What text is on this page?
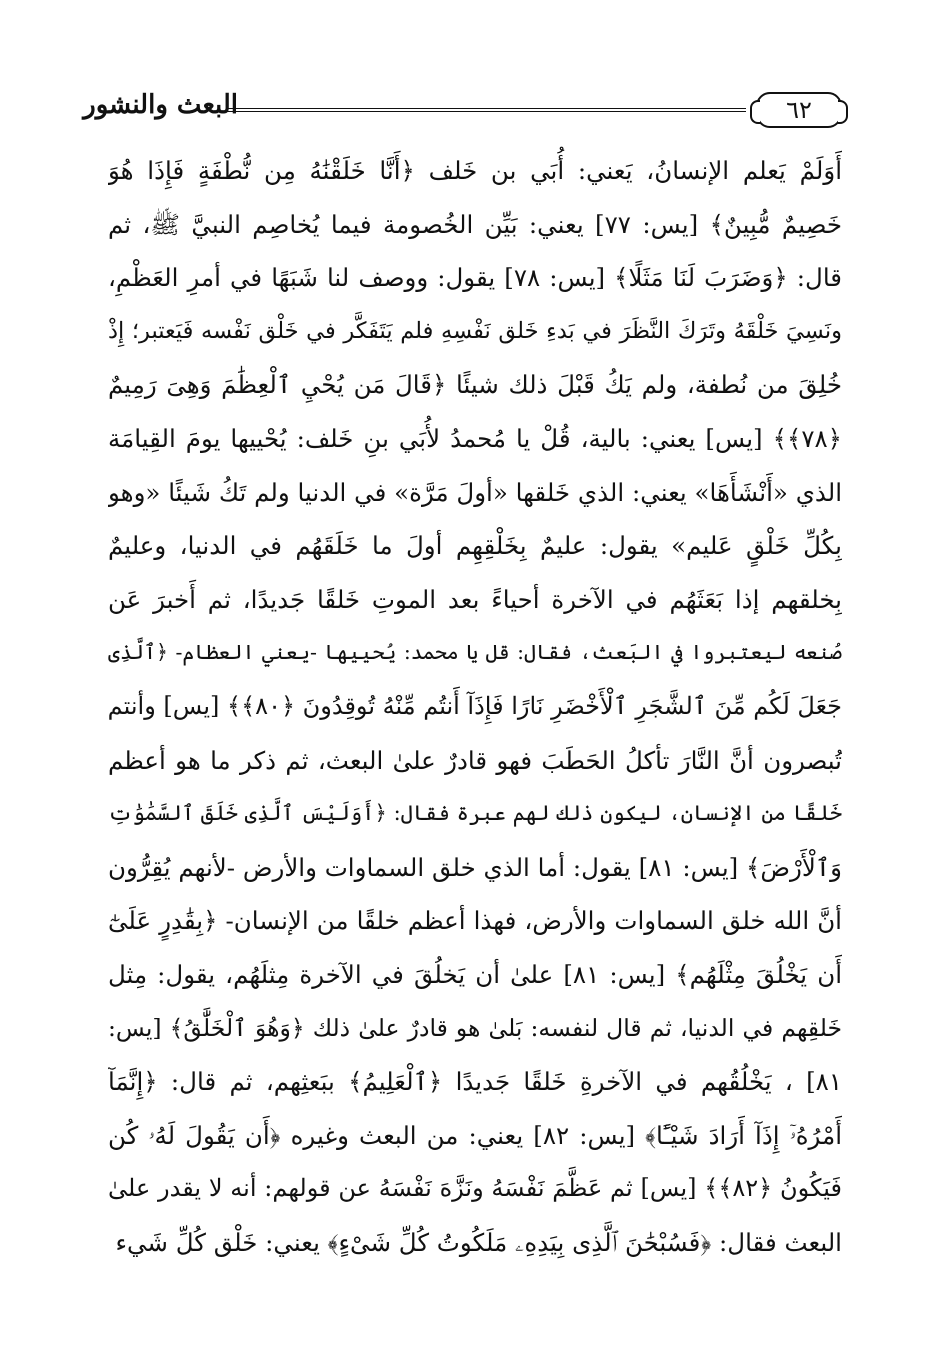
البعث والنشور	٦٢
أَوَلَمْ يَعلم الإنسانُ، يَعني: أُبَي بن خَلف ﴿أَنَّا خَلَقْنَٰهُ مِن نُّطْفَةٍ فَإِذَا هُوَ
خَصِيمٌ مُّبِينٌ﴾ [يس: ٧٧] يعني: بَيِّن الخُصومة فيما يُخاصِم النبيَّ ﷺ، ثم
قال: ﴿وَضَرَبَ لَنَا مَثَلًا﴾ [يس: ٧٨] يقول: ووصف لنا شَبَهًا في أمرِ العَظْمِ،
ونَسِيَ خَلْقَهُ وتَرَكَ النَّظَرَ في بَدءِ خَلق نَفْسِهِ فلم يَتَفَكَّر في خَلْق نَفْسه فَيَعتبر؛ إِذْ
خُلِقَ من نُطفة، ولم يَكُ قَبْلَ ذلك شيئًا ﴿قَالَ مَن يُحْيِ ٱلْعِظَٰمَ وَهِىَ رَمِيمٌ
﴿٧٨﴾﴾ [يس] يعني: بالية، قُلْ يا مُحمدُ لأُبَي بنِ خَلف: يُحْييها يومَ القِيامَة
الذي «أَنْشَأَهَا» يعني: الذي خَلقها «أولَ مَرَّة» في الدنيا ولم تَكُ شَيئًا «وهو
بِكُلِّ خَلْقٍ عَليم» يقول: عليمٌ بِخَلْقِهِم أولَ ما خَلَقَهُم في الدنيا، وعليمٌ
بِخلقهم إذا بَعَثَهُم في الآخرة أحياءً بعد الموتِ خَلقًا جَديدًا، ثم أَخبرَ عَن
صُنعه ليعتبروا في البَعث، فقال: قل يا محمد: يُحييها -يعني العظام- ﴿ٱلَّذِى
جَعَلَ لَكُم مِّنَ ٱلشَّجَرِ ٱلْأَخْضَرِ نَارًا فَإِذَآ أَنتُم مِّنْهُ تُوقِدُونَ ﴿٨٠﴾﴾ [يس] وأنتم
تُبصرون أنَّ النَّارَ تأكلُ الحَطَبَ فهو قادرٌ علىٰ البعث، ثم ذكر ما هو أعظم
خَلقًا من الإنسان، ليكون ذلك لهم عبرة فقال: ﴿أَوَلَيْسَ ٱلَّذِى خَلَقَ ٱلسَّمَٰوَٰتِ
وَٱلْأَرْضَ﴾ [يس: ٨١] يقول: أما الذي خلق السماوات والأرض -لأنهم يُقِرُّون
أنَّ الله خلق السماوات والأرض، فهذا أعظم خلقًا من الإنسان- ﴿بِقَٰدِرٍ عَلَىٰٓ
أَن يَخْلُقَ مِثْلَهُم﴾ [يس: ٨١] علىٰ أن يَخلُقَ في الآخرة مِثلَهُم، يقول: مِثل
خَلقِهم في الدنيا، ثم قال لنفسه: بَلىٰ هو قادرٌ علىٰ ذلك ﴿وَهُوَ ٱلْخَلَّٰقُ﴾ [يس:
٨١] ، يَخْلُقُهم في الآخرةِ خَلقًا جَديدًا ﴿ٱلْعَلِيمُ﴾ ببَعثِهم، ثم قال: ﴿إِنَّمَآ
أَمْرُهُۥٓ إِذَآ أَرَادَ شَيْـًٔا﴾ [يس: ٨٢] يعني: من البعث وغيره ﴿أَن يَقُولَ لَهُۥ كُن
فَيَكُونُ ﴿٨٢﴾﴾ [يس] ثم عَظَّمَ نَفْسَهُ ونَزَّهَ نَفْسَهُ عن قولهم: أنه لا يقدر علىٰ
البعث فقال: ﴿فَسُبْحَٰنَ ٱلَّذِى بِيَدِهِۦ مَلَكُوتُ كُلِّ شَىْءٍ﴾ يعني: خَلْق كُلِّ شَيء
